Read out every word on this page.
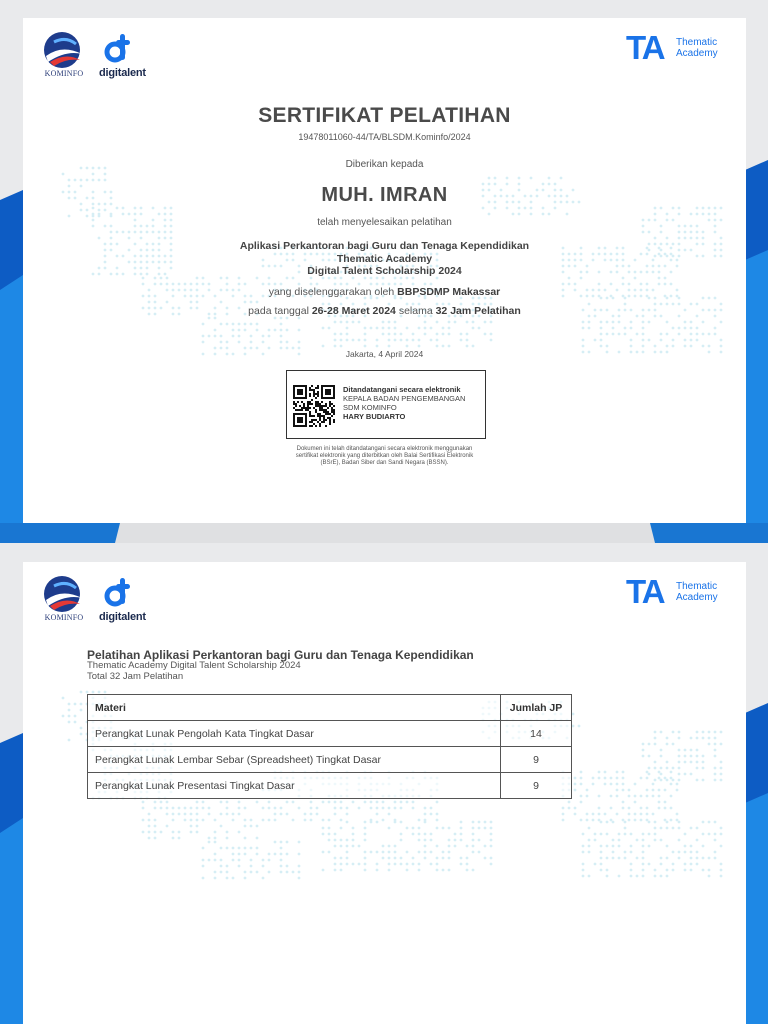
KOMINFO	digitalent
TA Thematic
Academy
SERTIFIKAT PELATIHAN
19478011060-44/TA/BLSDM.Kominfo/2024
Diberikan kepada
MUH. IMRAN
telah menyelesaikan pelatihan
Aplikasi Perkantoran bagi Guru dan Tenaga Kependidikan
Thematic Academy
Digital Talent Scholarship 2024
yang diselenggarakan oleh BBPSDMP Makassar
pada tanggal 26-28 Maret 2024 selama 32 Jam Pelatihan
Jakarta, 4 April 2024
Ditandatangani secara elektronik
KEPALA BADAN PENGEMBANGAN
SDM KOMINFO
HARY BUDIARTO
Dokumen ini telah ditandatangani secara elektronik menggunakan
sertifikat elektronik yang diterbitkan oleh Balai Sertifikasi Elektronik
(BSrE), Badan Siber dan Sandi Negara (BSSN).
KOMINFO	digitalent
TA Thematic
Academy
Pelatihan Aplikasi Perkantoran bagi Guru dan Tenaga Kependidikan
Thematic Academy Digital Talent Scholarship 2024
Total 32 Jam Pelatihan
Materi	Jumlah JP
Perangkat Lunak Pengolah Kata Tingkat Dasar	14
Perangkat Lunak Lembar Sebar (Spreadsheet) Tingkat Dasar	9
Perangkat Lunak Presentasi Tingkat Dasar	9
